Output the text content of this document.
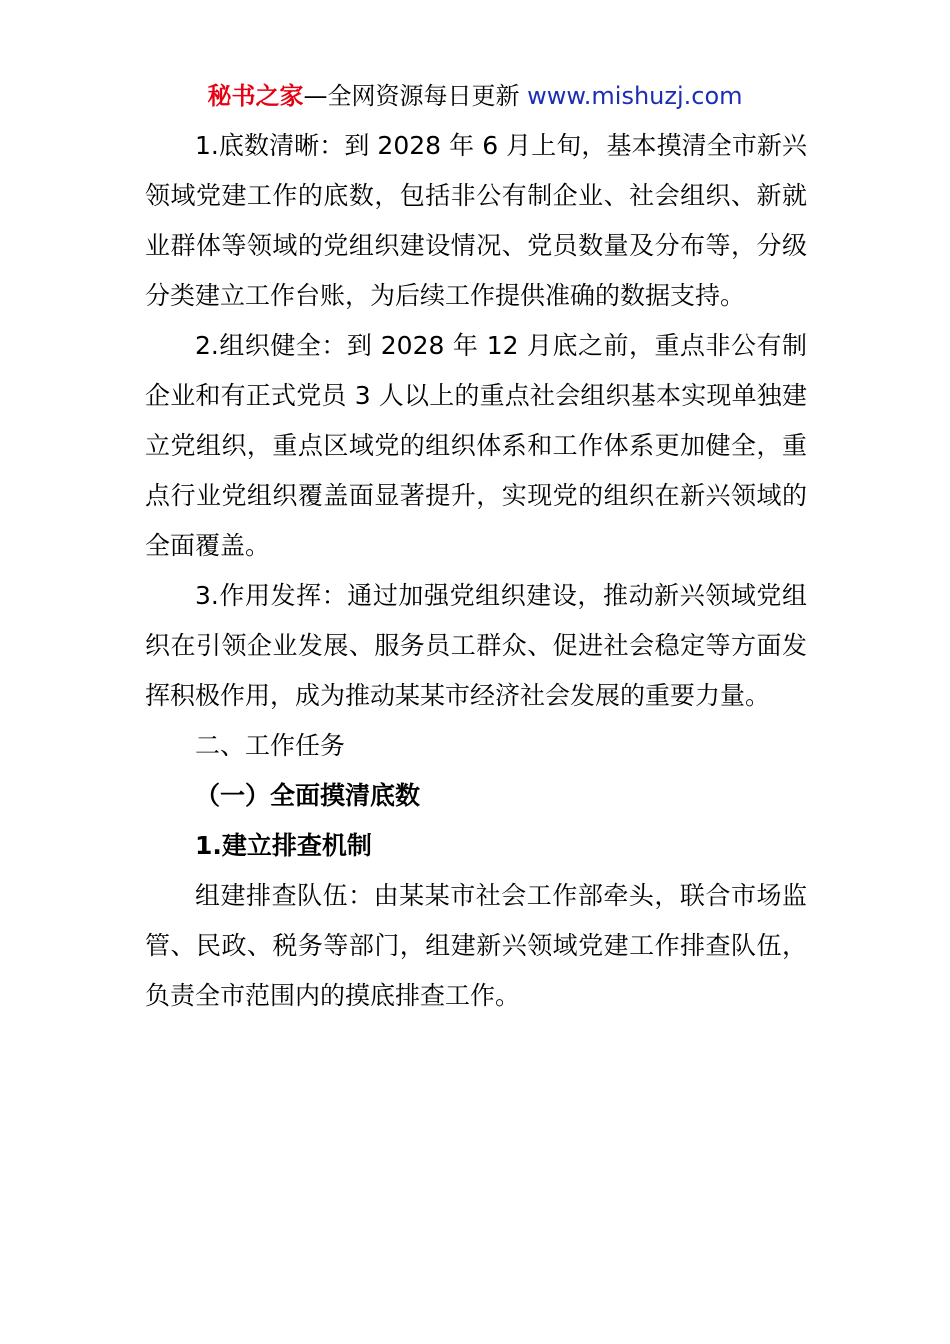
秘书之家—全网资源每日更新 www.mishuzj.com

1.底数清晰：到 2028 年 6 月上旬，基本摸清全市新兴领域党建工作的底数，包括非公有制企业、社会组织、新就业群体等领域的党组织建设情况、党员数量及分布等，分级分类建立工作台账，为后续工作提供准确的数据支持。

2.组织健全：到 2028 年 12 月底之前，重点非公有制企业和有正式党员 3 人以上的重点社会组织基本实现单独建立党组织，重点区域党的组织体系和工作体系更加健全，重点行业党组织覆盖面显著提升，实现党的组织在新兴领域的全面覆盖。

3.作用发挥：通过加强党组织建设，推动新兴领域党组织在引领企业发展、服务员工群众、促进社会稳定等方面发挥积极作用，成为推动某某市经济社会发展的重要力量。

二、工作任务

（一）全面摸清底数

1.建立排查机制

组建排查队伍：由某某市社会工作部牵头，联合市场监管、民政、税务等部门，组建新兴领域党建工作排查队伍，负责全市范围内的摸底排查工作。
